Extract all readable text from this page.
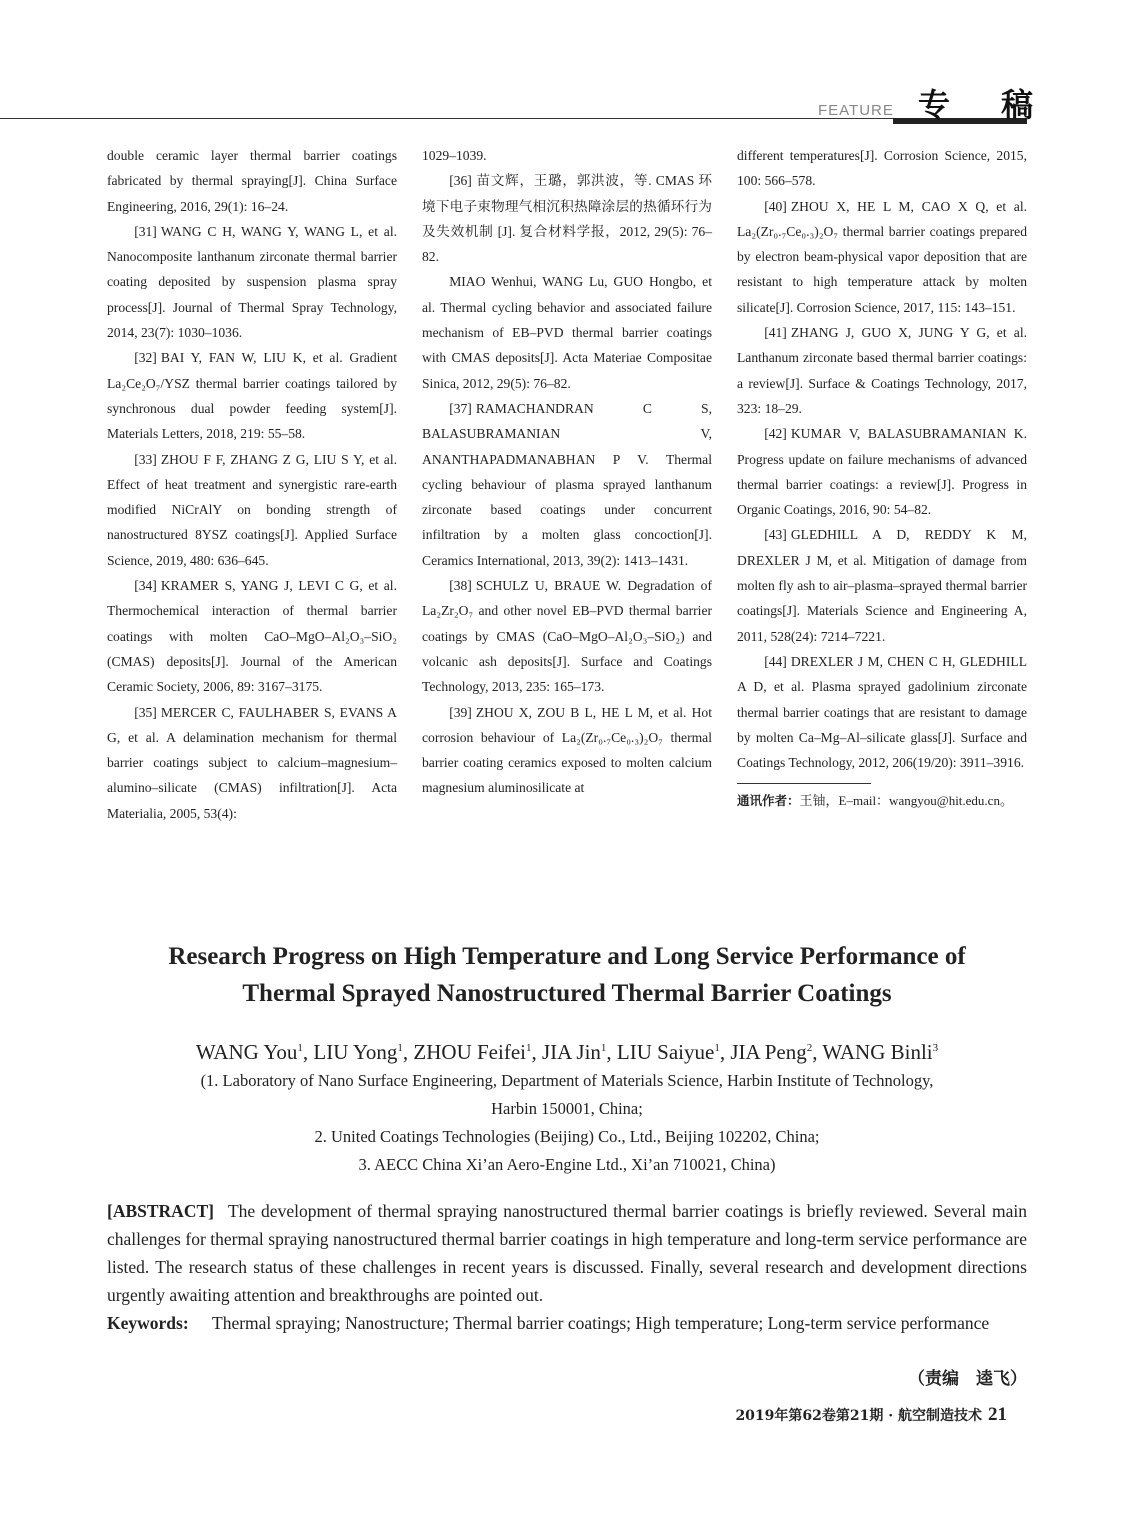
FEATURE 专 稿

double ceramic layer thermal barrier coatings fabricated by thermal spraying[J]. China Surface Engineering, 2016, 29(1): 16–24.

[31] WANG C H, WANG Y, WANG L, et al. Nanocomposite lanthanum zirconate thermal barrier coating deposited by suspension plasma spray process[J]. Journal of Thermal Spray Technology, 2014, 23(7): 1030–1036.

[32] BAI Y, FAN W, LIU K, et al. Gradient La₂Ce₂O₇/YSZ thermal barrier coatings tailored by synchronous dual powder feeding system[J]. Materials Letters, 2018, 219: 55–58.

[33] ZHOU F F, ZHANG Z G, LIU S Y, et al. Effect of heat treatment and synergistic rare-earth modified NiCrAlY on bonding strength of nanostructured 8YSZ coatings[J]. Applied Surface Science, 2019, 480: 636–645.

[34] KRAMER S, YANG J, LEVI C G, et al. Thermochemical interaction of thermal barrier coatings with molten CaO–MgO–Al₂O₃–SiO₂ (CMAS) deposits[J]. Journal of the American Ceramic Society, 2006, 89: 3167–3175.

[35] MERCER C, FAULHABER S, EVANS A G, et al. A delamination mechanism for thermal barrier coatings subject to calcium–magnesium–alumino–silicate (CMAS) infiltration[J]. Acta Materialia, 2005, 53(4):

1029–1039.

[36] 苗文辉，王璐，郭洪波，等. CMAS 环境下电子束物理气相沉积热障涂层的热循环行为及失效机制 [J]. 复合材料学报，2012, 29(5): 76–82.

MIAO Wenhui, WANG Lu, GUO Hongbo, et al. Thermal cycling behavior and associated failure mechanism of EB–PVD thermal barrier coatings with CMAS deposits[J]. Acta Materiae Compositae Sinica, 2012, 29(5): 76–82.

[37] RAMACHANDRAN C S, BALASUBRAMANIAN V, ANANTHAPADMANABHAN P V. Thermal cycling behaviour of plasma sprayed lanthanum zirconate based coatings under concurrent infiltration by a molten glass concoction[J]. Ceramics International, 2013, 39(2): 1413–1431.

[38] SCHULZ U, BRAUE W. Degradation of La₂Zr₂O₇ and other novel EB–PVD thermal barrier coatings by CMAS (CaO–MgO–Al₂O₃–SiO₂) and volcanic ash deposits[J]. Surface and Coatings Technology, 2013, 235: 165–173.

[39] ZHOU X, ZOU B L, HE L M, et al. Hot corrosion behaviour of La₂(Zr₀.₇Ce₀.₃)₂O₇ thermal barrier coating ceramics exposed to molten calcium magnesium aluminosilicate at

different temperatures[J]. Corrosion Science, 2015, 100: 566–578.

[40] ZHOU X, HE L M, CAO X Q, et al. La₂(Zr₀.₇Ce₀.₃)₂O₇ thermal barrier coatings prepared by electron beam-physical vapor deposition that are resistant to high temperature attack by molten silicate[J]. Corrosion Science, 2017, 115: 143–151.

[41] ZHANG J, GUO X, JUNG Y G, et al. Lanthanum zirconate based thermal barrier coatings: a review[J]. Surface & Coatings Technology, 2017, 323: 18–29.

[42] KUMAR V, BALASUBRAMANIAN K. Progress update on failure mechanisms of advanced thermal barrier coatings: a review[J]. Progress in Organic Coatings, 2016, 90: 54–82.

[43] GLEDHILL A D, REDDY K M, DREXLER J M, et al. Mitigation of damage from molten fly ash to air–plasma–sprayed thermal barrier coatings[J]. Materials Science and Engineering A, 2011, 528(24): 7214–7221.

[44] DREXLER J M, CHEN C H, GLEDHILL A D, et al. Plasma sprayed gadolinium zirconate thermal barrier coatings that are resistant to damage by molten Ca–Mg–Al–silicate glass[J]. Surface and Coatings Technology, 2012, 206(19/20): 3911–3916.

通讯作者：王铀，E–mail：wangyou@hit.edu.cn。

Research Progress on High Temperature and Long Service Performance of
Thermal Sprayed Nanostructured Thermal Barrier Coatings
WANG You$^1$, LIU Yong$^1$, ZHOU Feifei$^1$, JIA Jin$^1$, LIU Saiyue$^1$, JIA Peng$^2$, WANG Binli$^3$

(1. Laboratory of Nano Surface Engineering, Department of Materials Science, Harbin Institute of Technology,

Harbin 150001, China;

2. United Coatings Technologies (Beijing) Co., Ltd., Beijing 102202, China;

3. AECC China Xi’an Aero-Engine Ltd., Xi’an 710021, China)

[ABSTRACT] The development of thermal spraying nanostructured thermal barrier coatings is briefly reviewed. Several main challenges for thermal spraying nanostructured thermal barrier coatings in high temperature and long-term service performance are listed. The research status of these challenges in recent years is discussed. Finally, several research and development directions urgently awaiting attention and breakthroughs are pointed out.
Keywords:	Thermal spraying; Nanostructure; Thermal barrier coatings; High temperature; Long-term service performance
（责编　逵飞）
2019年第62卷第21期 · 航空制造技术 21
